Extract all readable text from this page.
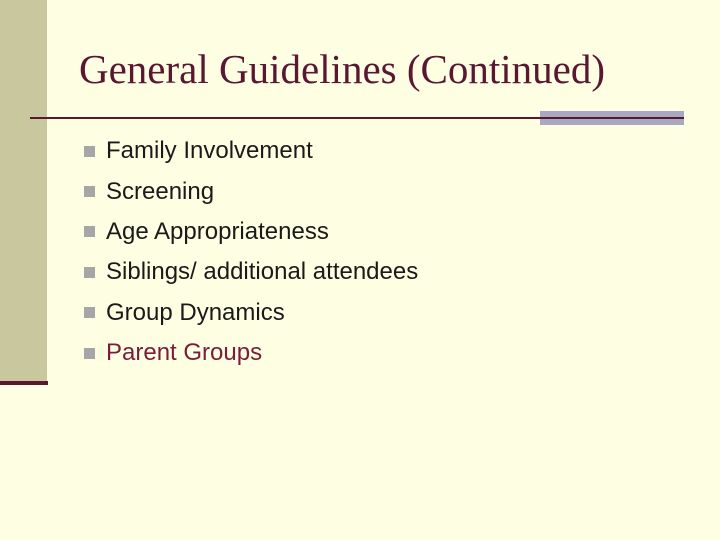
General Guidelines (Continued)
Family Involvement
Screening
Age Appropriateness
Siblings/ additional attendees
Group Dynamics
Parent Groups
